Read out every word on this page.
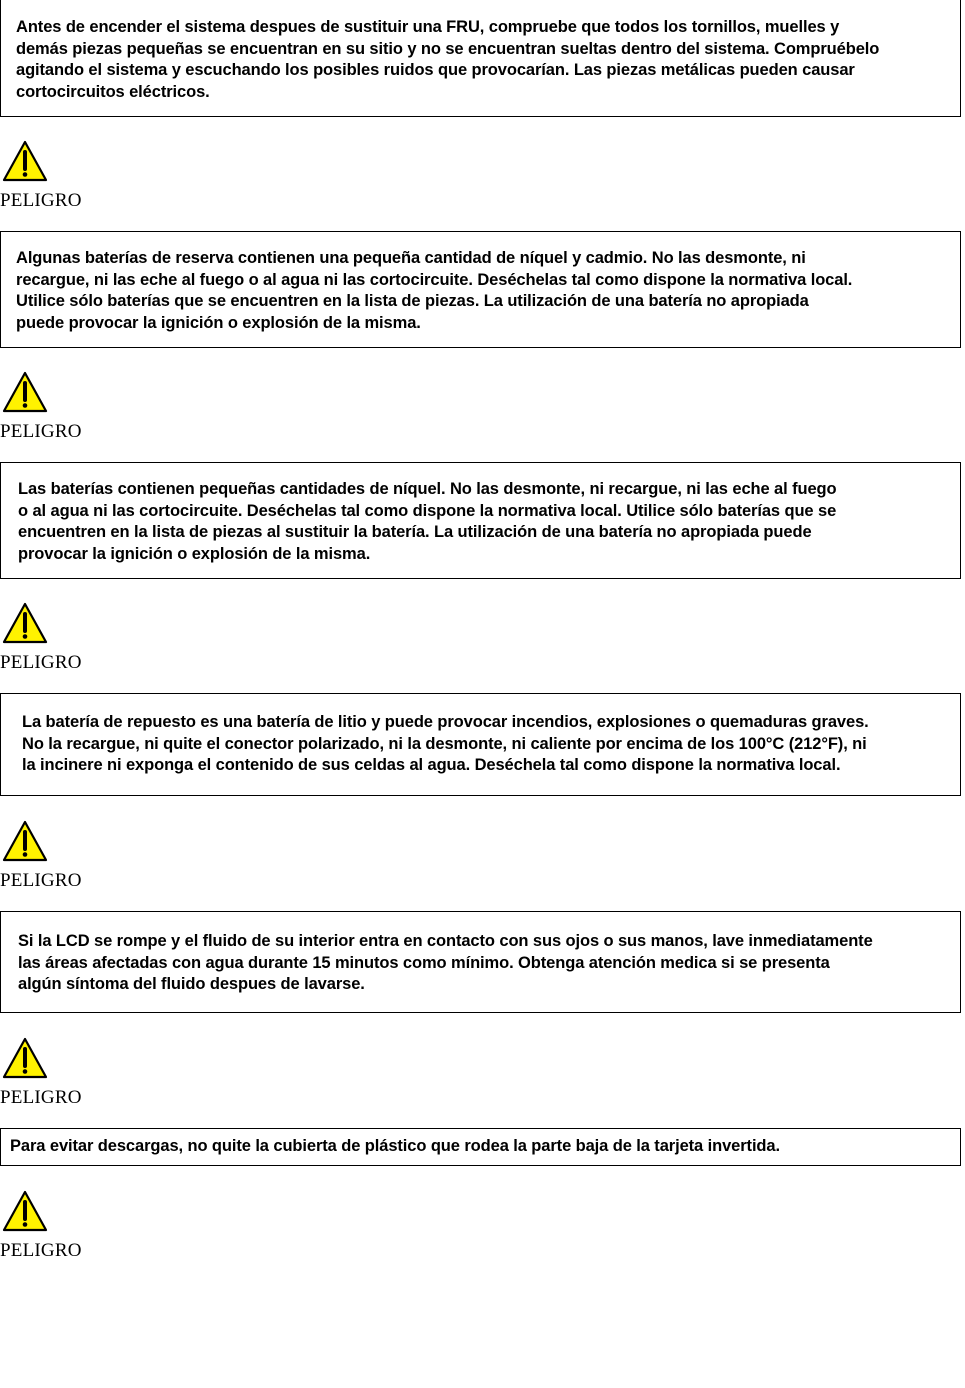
Antes de encender el sistema despues de sustituir una FRU, compruebe que todos los tornillos, muelles y
demás piezas pequeñas se encuentran en su sitio y no se encuentran sueltas dentro del sistema. Compruébelo
agitando el sistema y escuchando los posibles ruidos que provocarían. Las piezas metálicas pueden causar
cortocircuitos eléctricos.
PELIGRO
Algunas baterías de reserva contienen una pequeña cantidad de níquel y cadmio. No las desmonte, ni
recargue, ni las eche al fuego o al agua ni las cortocircuite. Deséchelas tal como dispone la normativa local.
Utilice sólo baterías que se encuentren en la lista de piezas. La utilización de una batería no apropiada
puede provocar la ignición o explosión de la misma.
PELIGRO
Las baterías contienen pequeñas cantidades de níquel. No las desmonte, ni recargue, ni las eche al fuego
o al agua ni las cortocircuite. Deséchelas tal como dispone la normativa local. Utilice sólo baterías que se
encuentren en la lista de piezas al sustituir la batería. La utilización de una batería no apropiada puede
provocar la ignición o explosión de la misma.
PELIGRO
La batería de repuesto es una batería de litio y puede provocar incendios, explosiones o quemaduras graves.
No la recargue, ni quite el conector polarizado, ni la desmonte, ni caliente por encima de los 100°C (212°F), ni
la incinere ni exponga el contenido de sus celdas al agua. Deséchela tal como dispone la normativa local.
PELIGRO
Si la LCD se rompe y el fluido de su interior entra en contacto con sus ojos o sus manos, lave inmediatamente
las áreas afectadas con agua durante 15 minutos como mínimo. Obtenga atención medica si se presenta
algún síntoma del fluido despues de lavarse.
PELIGRO
Para evitar descargas, no quite la cubierta de plástico que rodea la parte baja de la tarjeta invertida.
PELIGRO
